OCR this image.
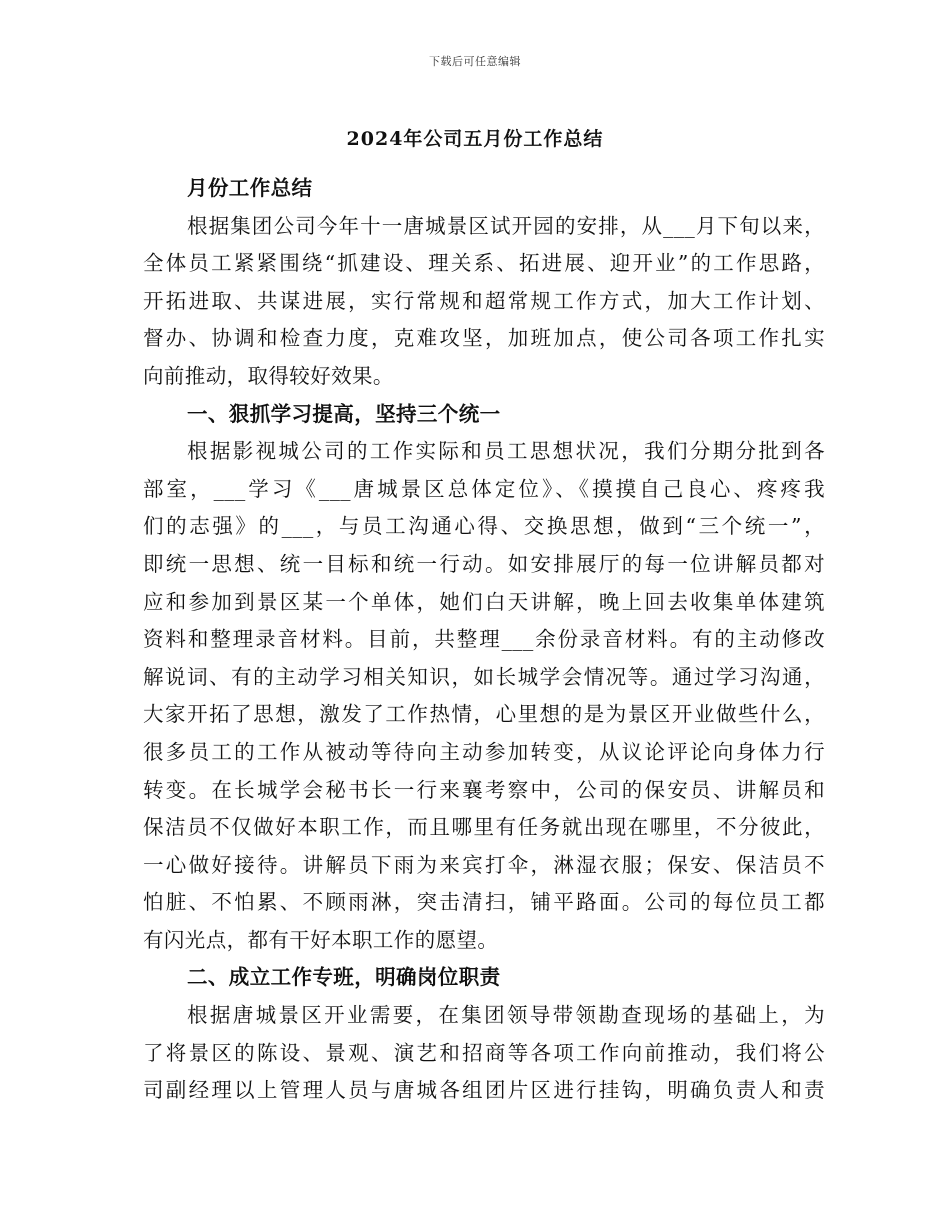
下载后可任意编辑
2024年公司五月份工作总结
月份工作总结
根据集团公司今年十一唐城景区试开园的安排，从___月下旬以来，
全体员工紧紧围绕“抓建设、理关系、拓进展、迎开业”的工作思路，
开拓进取、共谋进展，实行常规和超常规工作方式，加大工作计划、
督办、协调和检查力度，克难攻坚，加班加点，使公司各项工作扎实
向前推动，取得较好效果。
一、狠抓学习提高，坚持三个统一
根据影视城公司的工作实际和员工思想状况，我们分期分批到各
部室，___学习《___唐城景区总体定位》、《摸摸自己良心、疼疼我
们的志强》的___，与员工沟通心得、交换思想，做到“三个统一”，
即统一思想、统一目标和统一行动。如安排展厅的每一位讲解员都对
应和参加到景区某一个单体，她们白天讲解，晚上回去收集单体建筑
资料和整理录音材料。目前，共整理___余份录音材料。有的主动修改
解说词、有的主动学习相关知识，如长城学会情况等。通过学习沟通，
大家开拓了思想，激发了工作热情，心里想的是为景区开业做些什么，
很多员工的工作从被动等待向主动参加转变，从议论评论向身体力行
转变。在长城学会秘书长一行来襄考察中，公司的保安员、讲解员和
保洁员不仅做好本职工作，而且哪里有任务就出现在哪里，不分彼此，
一心做好接待。讲解员下雨为来宾打伞，淋湿衣服；保安、保洁员不
怕脏、不怕累、不顾雨淋，突击清扫，铺平路面。公司的每位员工都
有闪光点，都有干好本职工作的愿望。
二、成立工作专班，明确岗位职责
根据唐城景区开业需要，在集团领导带领勘查现场的基础上，为
了将景区的陈设、景观、演艺和招商等各项工作向前推动，我们将公
司副经理以上管理人员与唐城各组团片区进行挂钩，明确负责人和责
